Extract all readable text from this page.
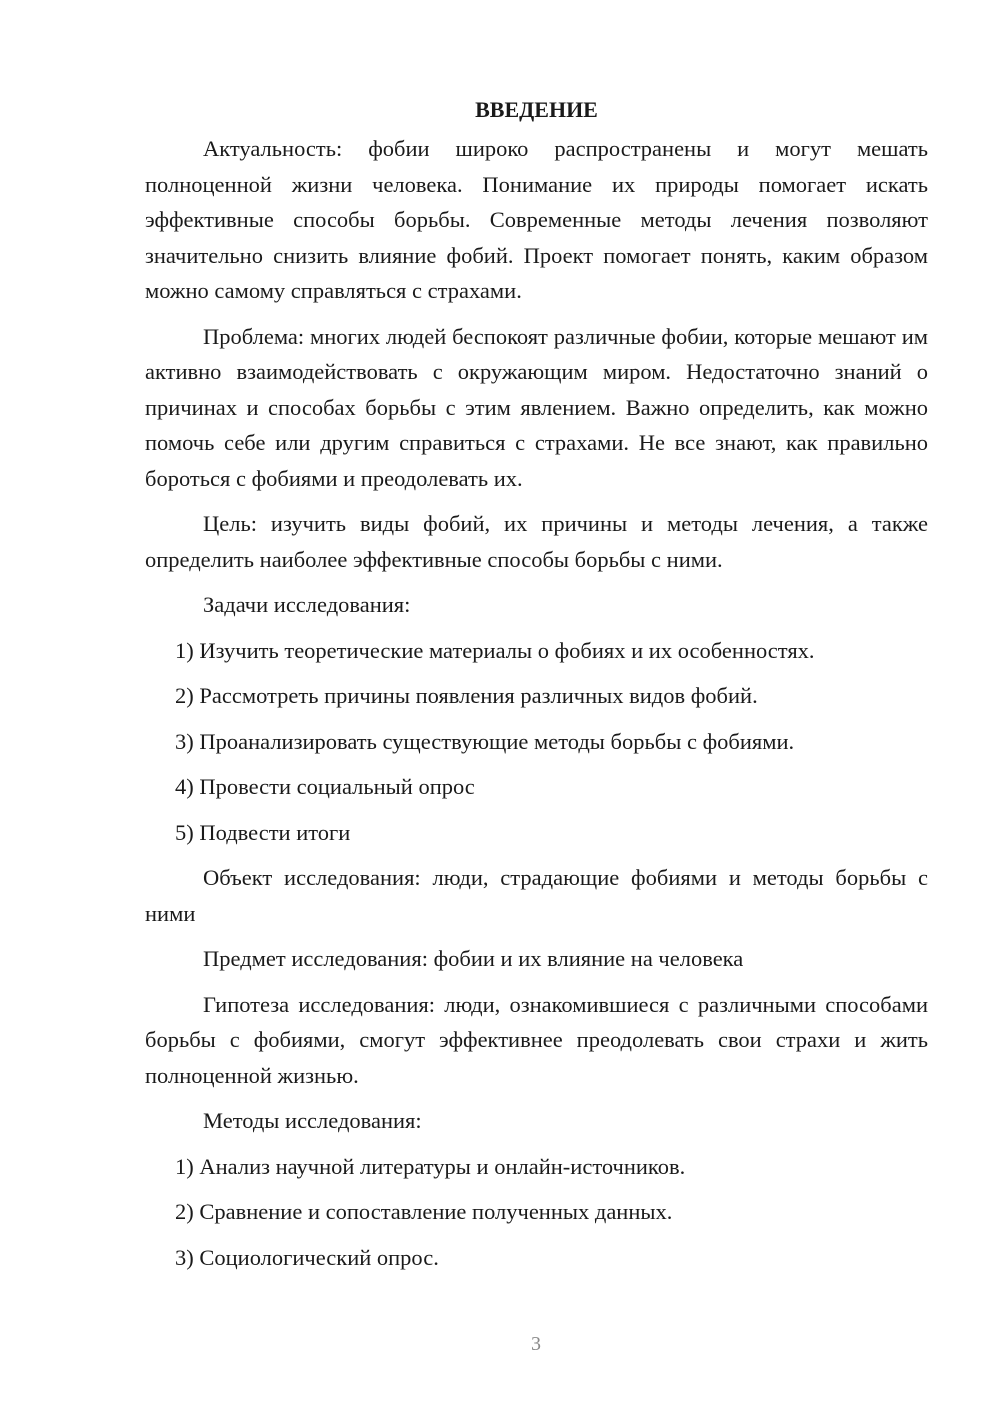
ВВЕДЕНИЕ

Актуальность: фобии широко распространены и могут мешать полноценной жизни человека. Понимание их природы помогает искать эффективные способы борьбы. Современные методы лечения позволяют значительно снизить влияние фобий. Проект помогает понять, каким образом можно самому справляться с страхами.

Проблема: многих людей беспокоят различные фобии, которые мешают им активно взаимодействовать с окружающим миром. Недостаточно знаний о причинах и способах борьбы с этим явлением. Важно определить, как можно помочь себе или другим справиться с страхами. Не все знают, как правильно бороться с фобиями и преодолевать их.

Цель: изучить виды фобий, их причины и методы лечения, а также определить наиболее эффективные способы борьбы с ними.

Задачи исследования:

1) Изучить теоретические материалы о фобиях и их особенностях.

2) Рассмотреть причины появления различных видов фобий.

3) Проанализировать существующие методы борьбы с фобиями.

4) Провести социальный опрос

5) Подвести итоги

Объект исследования: люди, страдающие фобиями и методы борьбы с ними

Предмет исследования: фобии и их влияние на человека

Гипотеза исследования: люди, ознакомившиеся с различными способами борьбы с фобиями, смогут эффективнее преодолевать свои страхи и жить полноценной жизнью.

Методы исследования:

1) Анализ научной литературы и онлайн-источников.

2) Сравнение и сопоставление полученных данных.

3) Социологический опрос.

3
